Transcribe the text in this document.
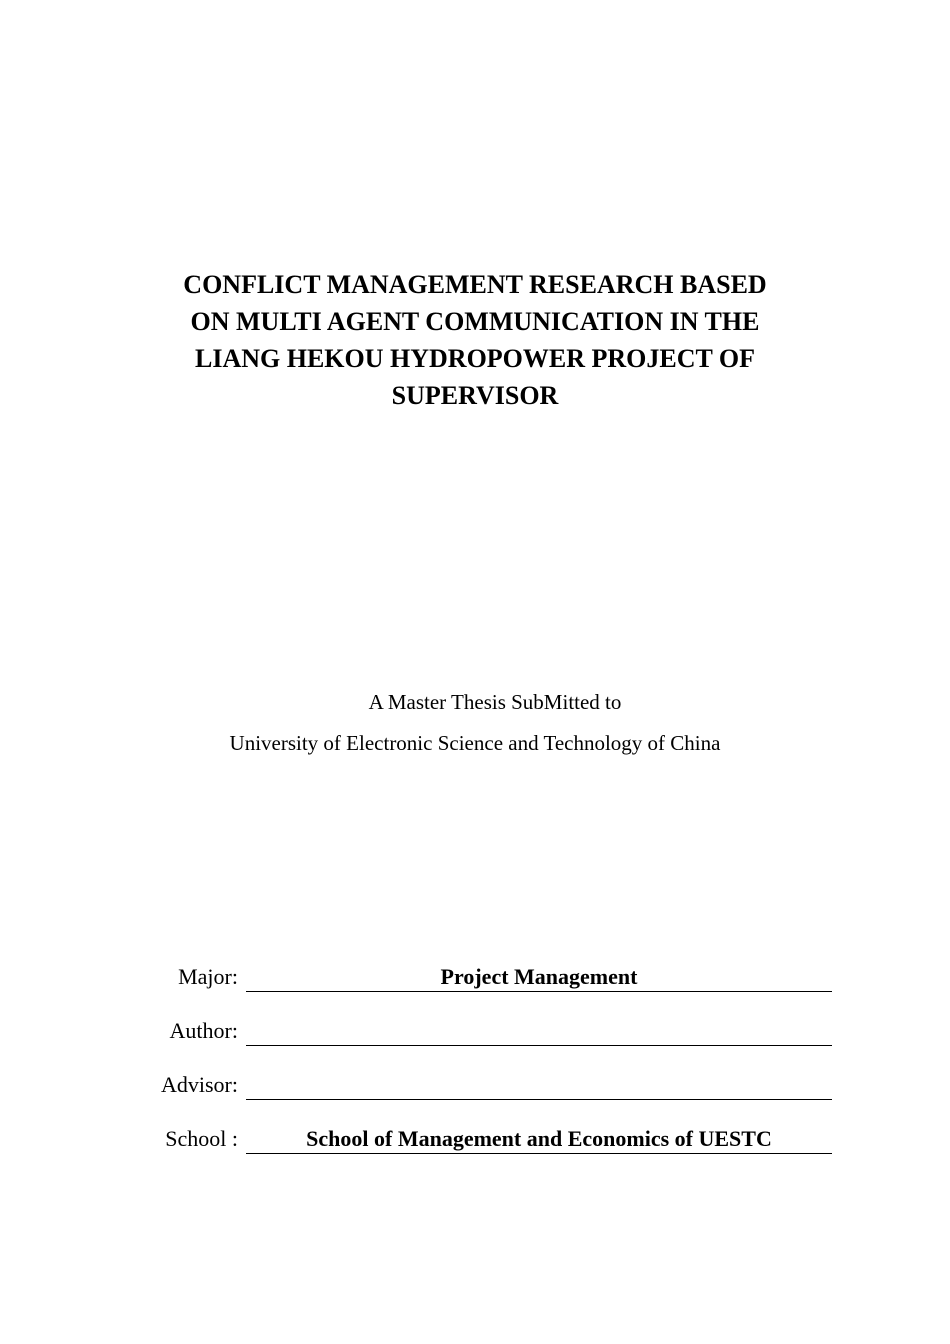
CONFLICT MANAGEMENT RESEARCH BASED
ON MULTI AGENT COMMUNICATION IN THE
LIANG HEKOU HYDROPOWER PROJECT OF
SUPERVISOR
A Master Thesis SubMitted to
University of Electronic Science and Technology of China
Major:	Project Management
Author:
Advisor:
School :	School of Management and Economics of UESTC
